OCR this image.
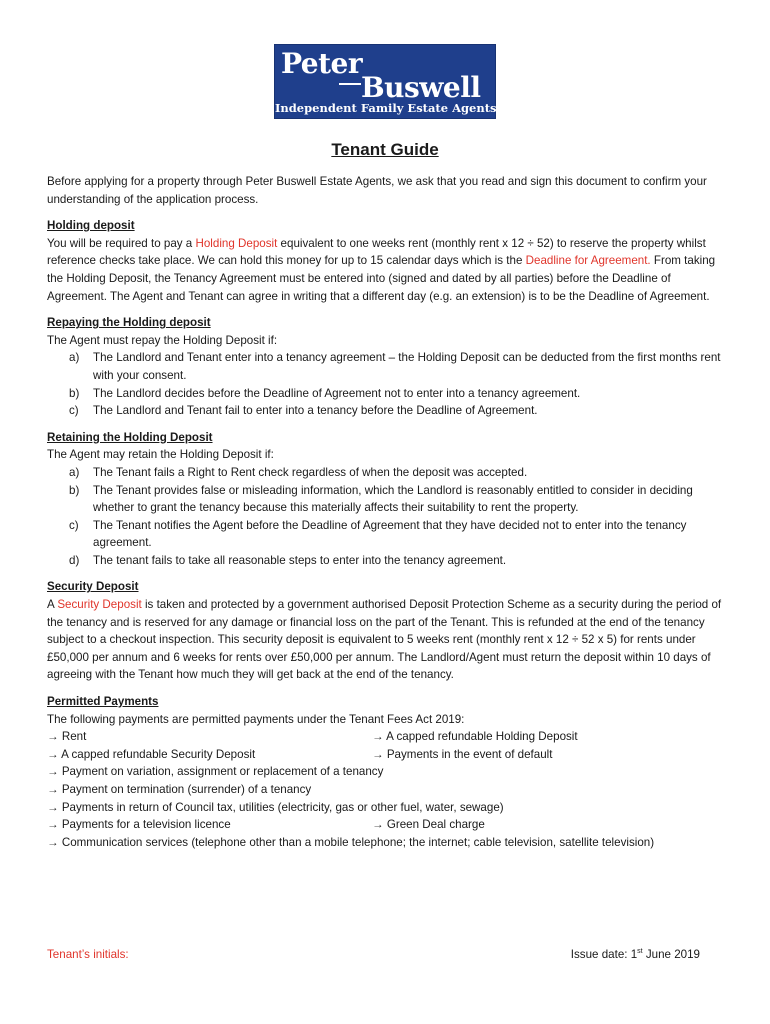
Peter
Buswell
Independent Family Estate Agents
Tenant Guide

Before applying for a property through Peter Buswell Estate Agents, we ask that you read and sign this document to confirm your understanding of the application process.

Holding deposit

You will be required to pay a Holding Deposit equivalent to one weeks rent (monthly rent x 12 ÷ 52) to reserve the property whilst reference checks take place. We can hold this money for up to 15 calendar days which is the Deadline for Agreement. From taking the Holding Deposit, the Tenancy Agreement must be entered into (signed and dated by all parties) before the Deadline of Agreement. The Agent and Tenant can agree in writing that a different day (e.g. an extension) is to be the Deadline of Agreement.

Repaying the Holding deposit

The Agent must repay the Holding Deposit if:

a) The Landlord and Tenant enter into a tenancy agreement – the Holding Deposit can be deducted from the first months rent with your consent.
b) The Landlord decides before the Deadline of Agreement not to enter into a tenancy agreement.
c) The Landlord and Tenant fail to enter into a tenancy before the Deadline of Agreement.

Retaining the Holding Deposit

The Agent may retain the Holding Deposit if:

a) The Tenant fails a Right to Rent check regardless of when the deposit was accepted.
b) The Tenant provides false or misleading information, which the Landlord is reasonably entitled to consider in deciding whether to grant the tenancy because this materially affects their suitability to rent the property.
c) The Tenant notifies the Agent before the Deadline of Agreement that they have decided not to enter into the tenancy agreement.
d) The tenant fails to take all reasonable steps to enter into the tenancy agreement.

Security Deposit

A Security Deposit is taken and protected by a government authorised Deposit Protection Scheme as a security during the period of the tenancy and is reserved for any damage or financial loss on the part of the Tenant. This is refunded at the end of the tenancy subject to a checkout inspection. This security deposit is equivalent to 5 weeks rent (monthly rent x 12 ÷ 52 x 5) for rents under £50,000 per annum and 6 weeks for rents over £50,000 per annum. The Landlord/Agent must return the deposit within 10 days of agreeing with the Tenant how much they will get back at the end of the tenancy.

Permitted Payments

The following payments are permitted payments under the Tenant Fees Act 2019:

→ Rent	→ A capped refundable Holding Deposit
→ A capped refundable Security Deposit	→ Payments in the event of default

→ Payment on variation, assignment or replacement of a tenancy

→ Payment on termination (surrender) of a tenancy

→ Payments in return of Council tax, utilities (electricity, gas or other fuel, water, sewage)

→ Payments for a television licence	→ Green Deal charge

→ Communication services (telephone other than a mobile telephone; the internet; cable television, satellite television)

Tenant’s initials:	Issue date: 1st June 2019
